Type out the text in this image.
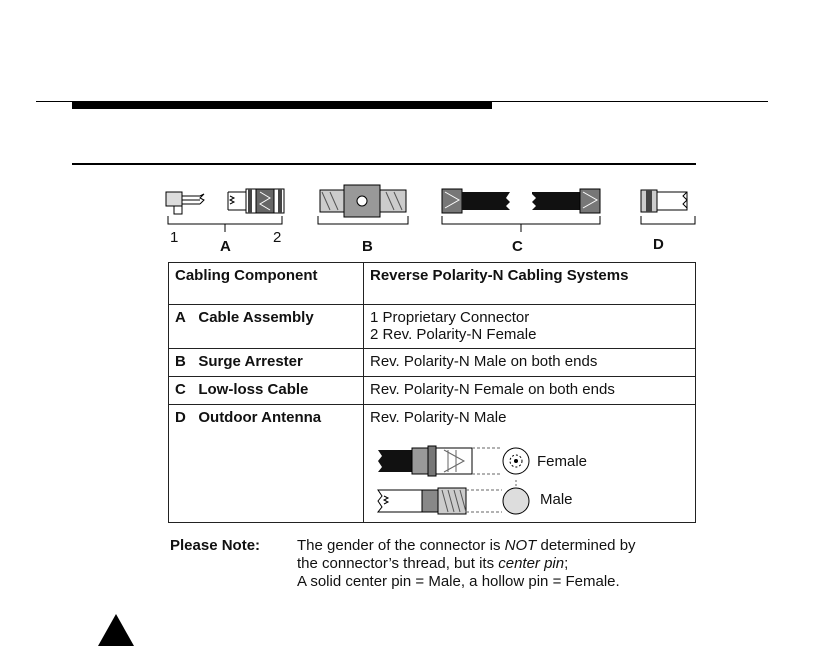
1	2
A	B	C	D
Cabling Component	Reverse Polarity-N Cabling Systems
A Cable Assembly	1 Proprietary Connector
2 Rev. Polarity-N Female

B Surge Arrester	Rev. Polarity-N Male on both ends
C Low-loss Cable	Rev. Polarity-N Female on both ends
D Outdoor Antenna	Rev. Polarity-N Male
Female
Male
Please Note: The gender of the connector is NOT determined by
the connector’s thread, but its center pin;
A solid center pin = Male, a hollow pin = Female.
